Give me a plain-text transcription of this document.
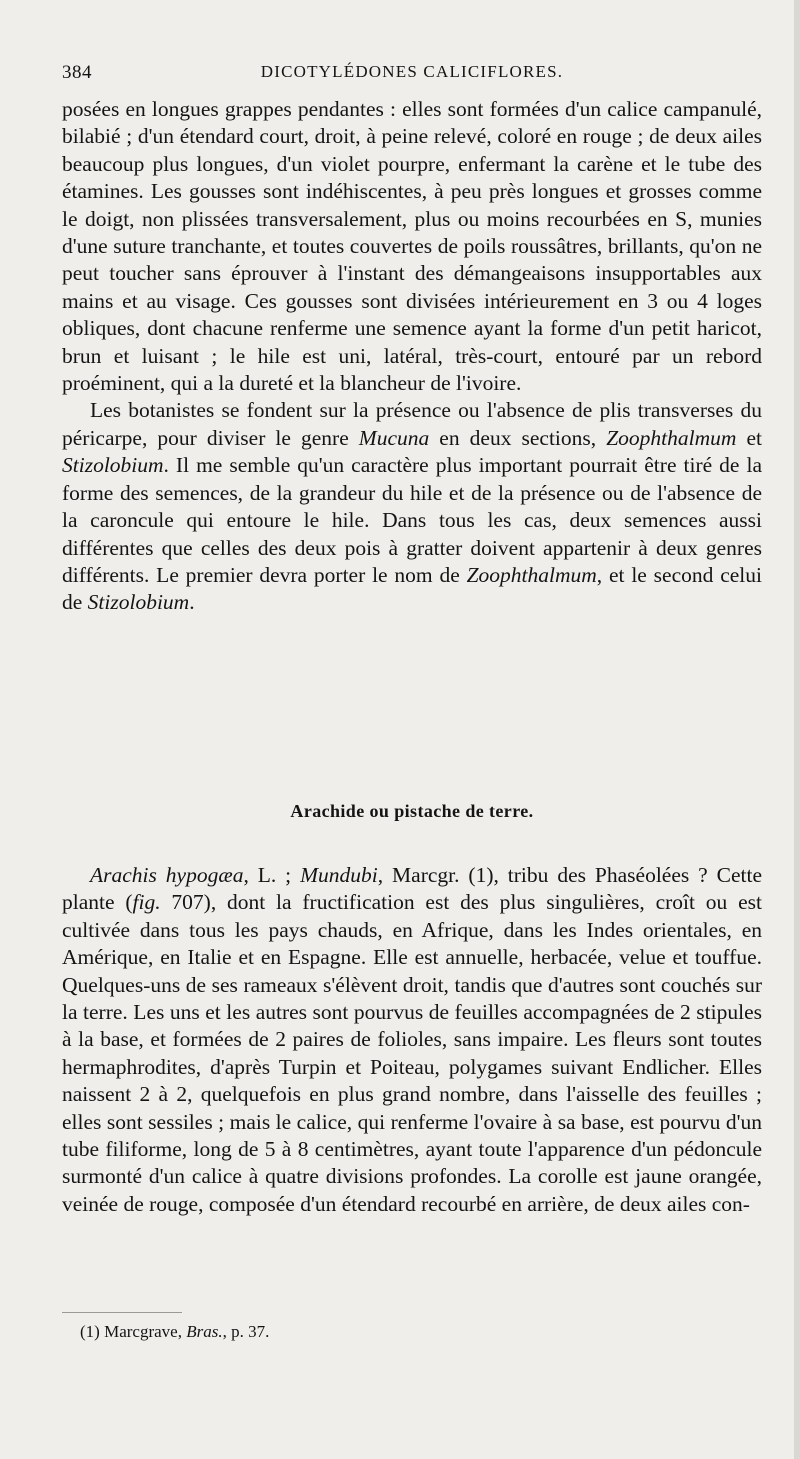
384	DICOTYLÉDONES CALICIFLORES.

posées en longues grappes pendantes : elles sont formées d'un calice campanulé, bilabié ; d'un étendard court, droit, à peine relevé, coloré en rouge ; de deux ailes beaucoup plus longues, d'un violet pourpre, enfermant la carène et le tube des étamines. Les gousses sont indéhiscentes, à peu près longues et grosses comme le doigt, non plissées transversalement, plus ou moins recourbées en S, munies d'une suture tranchante, et toutes couvertes de poils roussâtres, brillants, qu'on ne peut toucher sans éprouver à l'instant des démangeaisons insupportables aux mains et au visage. Ces gousses sont divisées intérieurement en 3 ou 4 loges obliques, dont chacune renferme une semence ayant la forme d'un petit haricot, brun et luisant ; le hile est uni, latéral, très-court, entouré par un rebord proéminent, qui a la dureté et la blancheur de l'ivoire.

Les botanistes se fondent sur la présence ou l'absence de plis transverses du péricarpe, pour diviser le genre Mucuna en deux sections, Zoophthalmum et Stizolobium. Il me semble qu'un caractère plus important pourrait être tiré de la forme des semences, de la grandeur du hile et de la présence ou de l'absence de la caroncule qui entoure le hile. Dans tous les cas, deux semences aussi différentes que celles des deux pois à gratter doivent appartenir à deux genres différents. Le premier devra porter le nom de Zoophthalmum, et le second celui de Stizolobium.

Arachide ou pistache de terre.

Arachis hypogæa, L. ; Mundubi, Marcgr. (1), tribu des Phaséolées ? Cette plante (fig. 707), dont la fructification est des plus singulières, croît ou est cultivée dans tous les pays chauds, en Afrique, dans les Indes orientales, en Amérique, en Italie et en Espagne. Elle est annuelle, herbacée, velue et touffue. Quelques-uns de ses rameaux s'élèvent droit, tandis que d'autres sont couchés sur la terre. Les uns et les autres sont pourvus de feuilles accompagnées de 2 stipules à la base, et formées de 2 paires de folioles, sans impaire. Les fleurs sont toutes hermaphrodites, d'après Turpin et Poiteau, polygames suivant Endlicher. Elles naissent 2 à 2, quelquefois en plus grand nombre, dans l'aisselle des feuilles ; elles sont sessiles ; mais le calice, qui renferme l'ovaire à sa base, est pourvu d'un tube filiforme, long de 5 à 8 centimètres, ayant toute l'apparence d'un pédoncule surmonté d'un calice à quatre divisions profondes. La corolle est jaune orangée, veinée de rouge, composée d'un étendard recourbé en arrière, de deux ailes con-

(1) Marcgrave, Bras., p. 37.
